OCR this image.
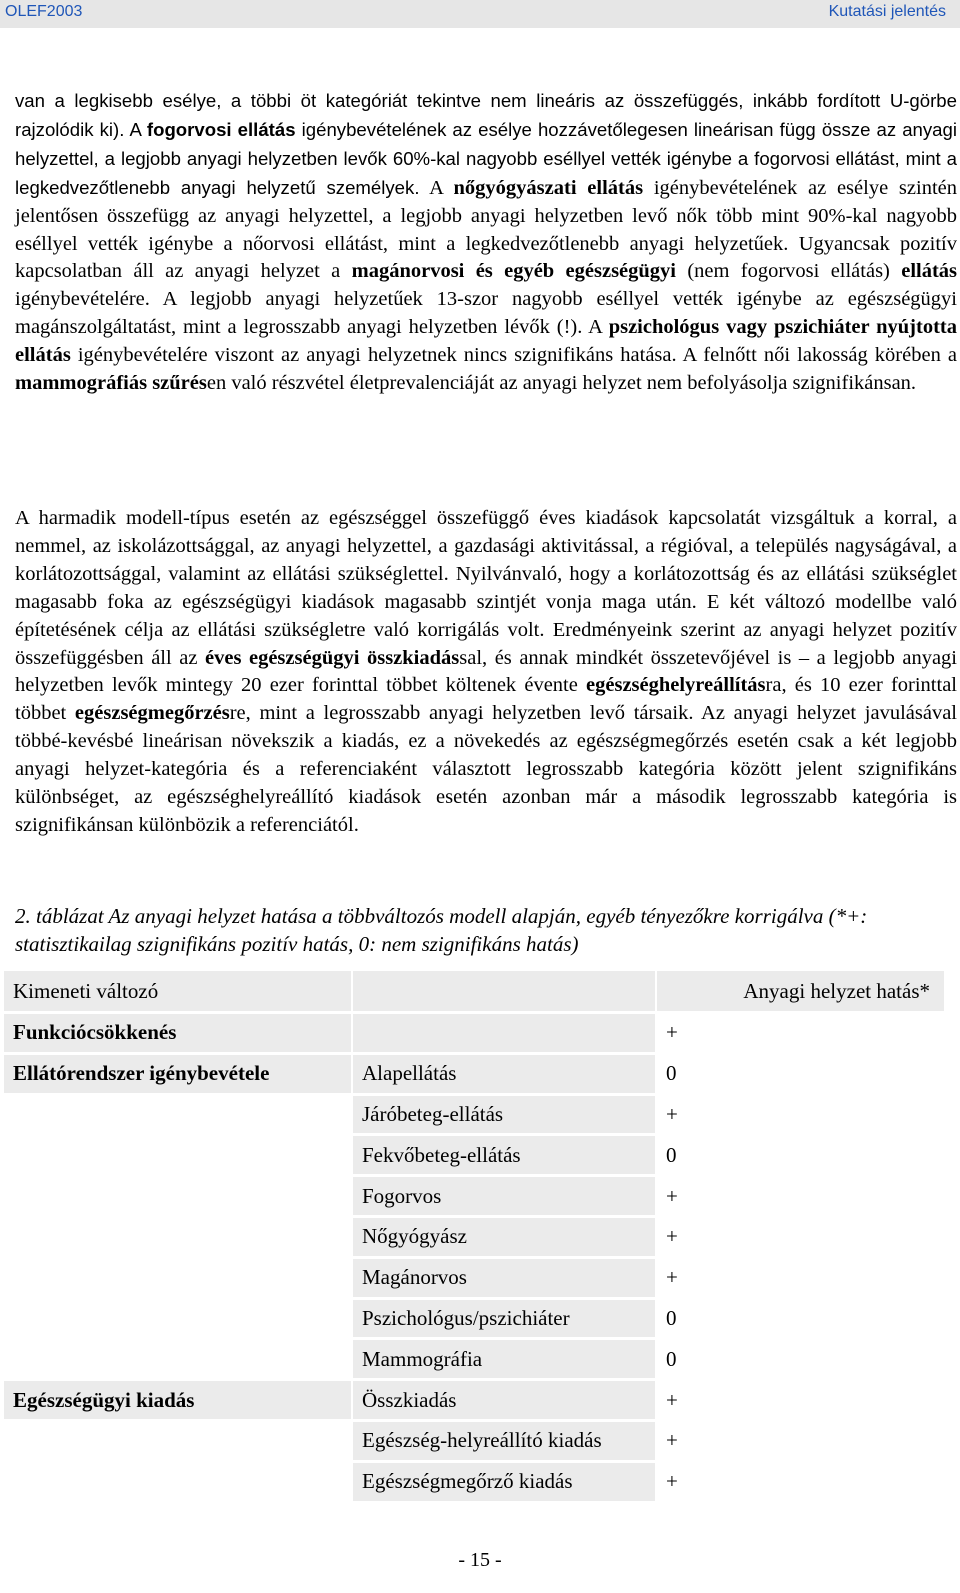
OLEF2003	Kutatási jelentés

van a legkisebb esélye, a többi öt kategóriát tekintve nem lineáris az összefüggés, inkább fordított U-görbe rajzolódik ki). A fogorvosi ellátás igénybevételének az esélye hozzávetőlegesen lineárisan függ össze az anyagi helyzettel, a legjobb anyagi helyzetben levők 60%-kal nagyobb eséllyel vették igénybe a fogorvosi ellátást, mint a legkedvezőtlenebb anyagi helyzetű személyek. A nőgyógyászati ellátás igénybevételének az esélye szintén jelentősen összefügg az anyagi helyzettel, a legjobb anyagi helyzetben levő nők több mint 90%-kal nagyobb eséllyel vették igénybe a nőorvosi ellátást, mint a legkedvezőtlenebb anyagi helyzetűek. Ugyancsak pozitív kapcsolatban áll az anyagi helyzet a magánorvosi és egyéb egészségügyi (nem fogorvosi ellátás) ellátás igénybevételére. A legjobb anyagi helyzetűek 13-szor nagyobb eséllyel vették igénybe az egészségügyi magánszolgáltatást, mint a legrosszabb anyagi helyzetben lévők (!). A pszichológus vagy pszichiáter nyújtotta ellátás igénybevételére viszont az anyagi helyzetnek nincs szignifikáns hatása. A felnőtt női lakosság körében a mammográfiás szűrésen való részvétel életprevalenciáját az anyagi helyzet nem befolyásolja szignifikánsan.

A harmadik modell-típus esetén az egészséggel összefüggő éves kiadások kapcsolatát vizsgáltuk a korral, a nemmel, az iskolázottsággal, az anyagi helyzettel, a gazdasági aktivitással, a régióval, a település nagyságával, a korlátozottsággal, valamint az ellátási szükséglettel. Nyilvánvaló, hogy a korlátozottság és az ellátási szükséglet magasabb foka az egészségügyi kiadások magasabb szintjét vonja maga után. E két változó modellbe való építetésének célja az ellátási szükségletre való korrigálás volt. Eredményeink szerint az anyagi helyzet pozitív összefüggésben áll az éves egészségügyi összkiadással, és annak mindkét összetevőjével is – a legjobb anyagi helyzetben levők mintegy 20 ezer forinttal többet költenek évente egészséghelyreállításra, és 10 ezer forinttal többet egészségmegőrzésre, mint a legrosszabb anyagi helyzetben levő társaik. Az anyagi helyzet javulásával többé-kevésbé lineárisan növekszik a kiadás, ez a növekedés az egészségmegőrzés esetén csak a két legjobb anyagi helyzet-kategória és a referenciaként választott legrosszabb kategória között jelent szignifikáns különbséget, az egészséghelyreállító kiadások esetén azonban már a második legrosszabb kategória is szignifikánsan különbözik a referenciától.

2. táblázat Az anyagi helyzet hatása a többváltozós modell alapján, egyéb tényezőkre korrigálva (*+: statisztikailag szignifikáns pozitív hatás, 0: nem szignifikáns hatás)
Kimeneti változó		Anyagi helyzet hatás*
Funkciócsökkenés		+
Ellátórendszer igénybevétele	Alapellátás	0
	Járóbeteg-ellátás	+
	Fekvőbeteg-ellátás	0
	Fogorvos	+
	Nőgyógyász	+
	Magánorvos	+
	Pszichológus/pszichiáter	0
	Mammográfia	0
Egészségügyi kiadás	Összkiadás	+
	Egészség-helyreállító kiadás	+
	Egészségmegőrző kiadás	+
- 15 -
